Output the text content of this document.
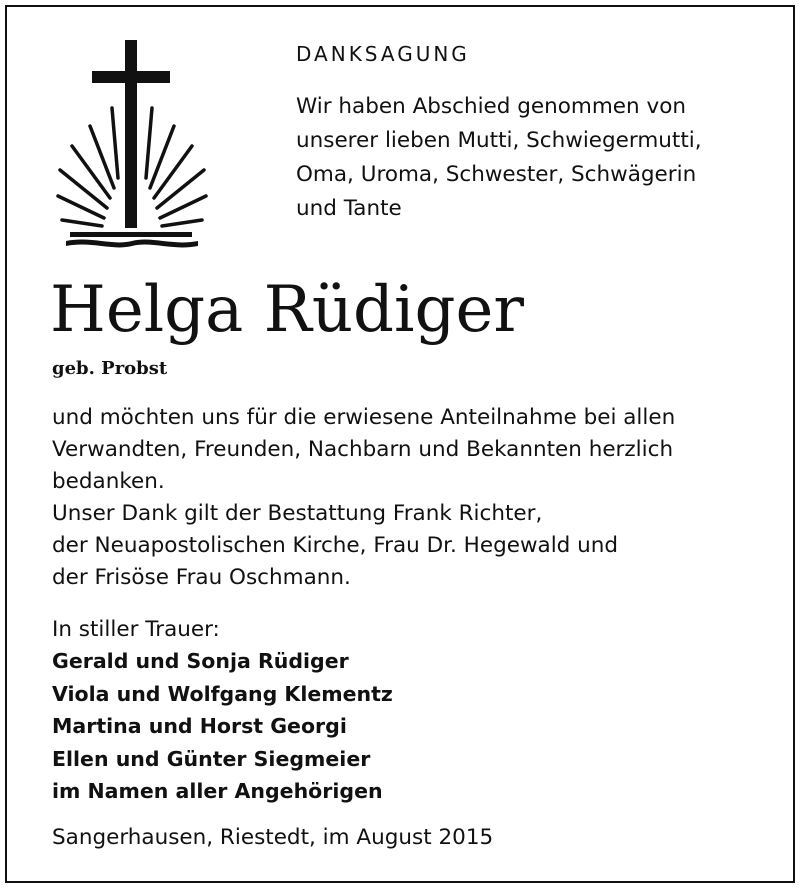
DANKSAGUNG
Wir haben Abschied genommen von
unserer lieben Mutti, Schwiegermutti,
Oma, Uroma, Schwester, Schwägerin
und Tante
Helga Rüdiger
geb. Probst
und möchten uns für die erwiesene Anteilnahme bei allen
Verwandten, Freunden, Nachbarn und Bekannten herzlich
bedanken.
Unser Dank gilt der Bestattung Frank Richter,
der Neuapostolischen Kirche, Frau Dr. Hegewald und
der Frisöse Frau Oschmann.
In stiller Trauer:
Gerald und Sonja Rüdiger
Viola und Wolfgang Klementz
Martina und Horst Georgi
Ellen und Günter Siegmeier
im Namen aller Angehörigen
Sangerhausen, Riestedt, im August 2015
